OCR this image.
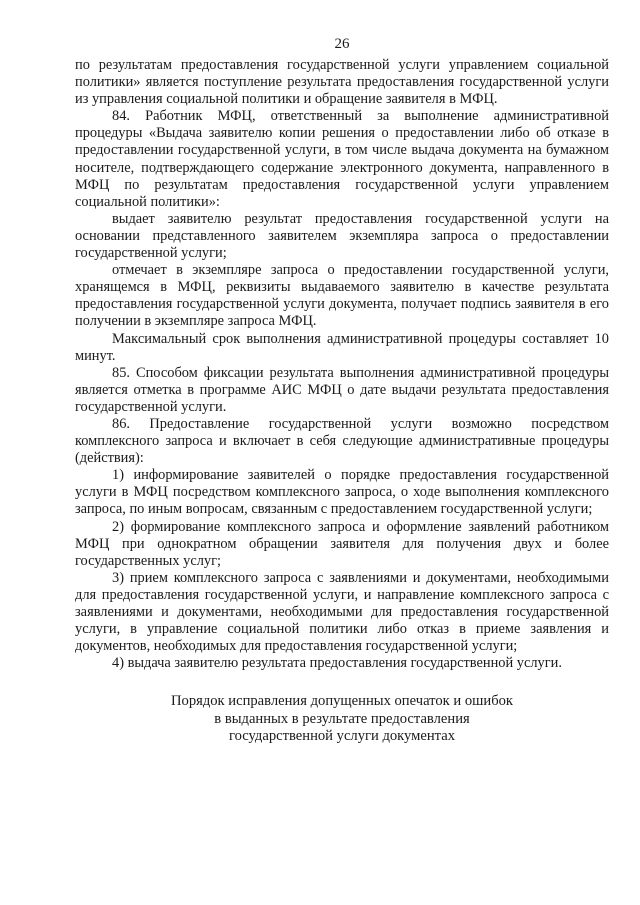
26

по результатам предоставления государственной услуги управлением социальной политики» является поступление результата предоставления государственной услуги из управления социальной политики и обращение заявителя в МФЦ.

84. Работник МФЦ, ответственный за выполнение административной процедуры «Выдача заявителю копии решения о предоставлении либо об отказе в предоставлении государственной услуги, в том числе выдача документа на бумажном носителе, подтверждающего содержание электронного документа, направленного в МФЦ по результатам предоставления государственной услуги управлением социальной политики»:

выдает заявителю результат предоставления государственной услуги на основании представленного заявителем экземпляра запроса о предоставлении государственной услуги;

отмечает в экземпляре запроса о предоставлении государственной услуги, хранящемся в МФЦ, реквизиты выдаваемого заявителю в качестве результата предоставления государственной услуги документа, получает подпись заявителя в его получении в экземпляре запроса МФЦ.

Максимальный срок выполнения административной процедуры составляет 10 минут.

85. Способом фиксации результата выполнения административной процедуры является отметка в программе АИС МФЦ о дате выдачи результата предоставления государственной услуги.

86. Предоставление государственной услуги возможно посредством комплексного запроса и включает в себя следующие административные процедуры (действия):

1) информирование заявителей о порядке предоставления государственной услуги в МФЦ посредством комплексного запроса, о ходе выполнения комплексного запроса, по иным вопросам, связанным с предоставлением государственной услуги;

2) формирование комплексного запроса и оформление заявлений работником МФЦ при однократном обращении заявителя для получения двух и более государственных услуг;

3) прием комплексного запроса с заявлениями и документами, необходимыми для предоставления государственной услуги, и направление комплексного запроса с заявлениями и документами, необходимыми для предоставления государственной услуги, в управление социальной политики либо отказ в приеме заявления и документов, необходимых для предоставления государственной услуги;

4) выдача заявителю результата предоставления государственной услуги.

Порядок исправления допущенных опечаток и ошибок
в выданных в результате предоставления
государственной услуги документах
